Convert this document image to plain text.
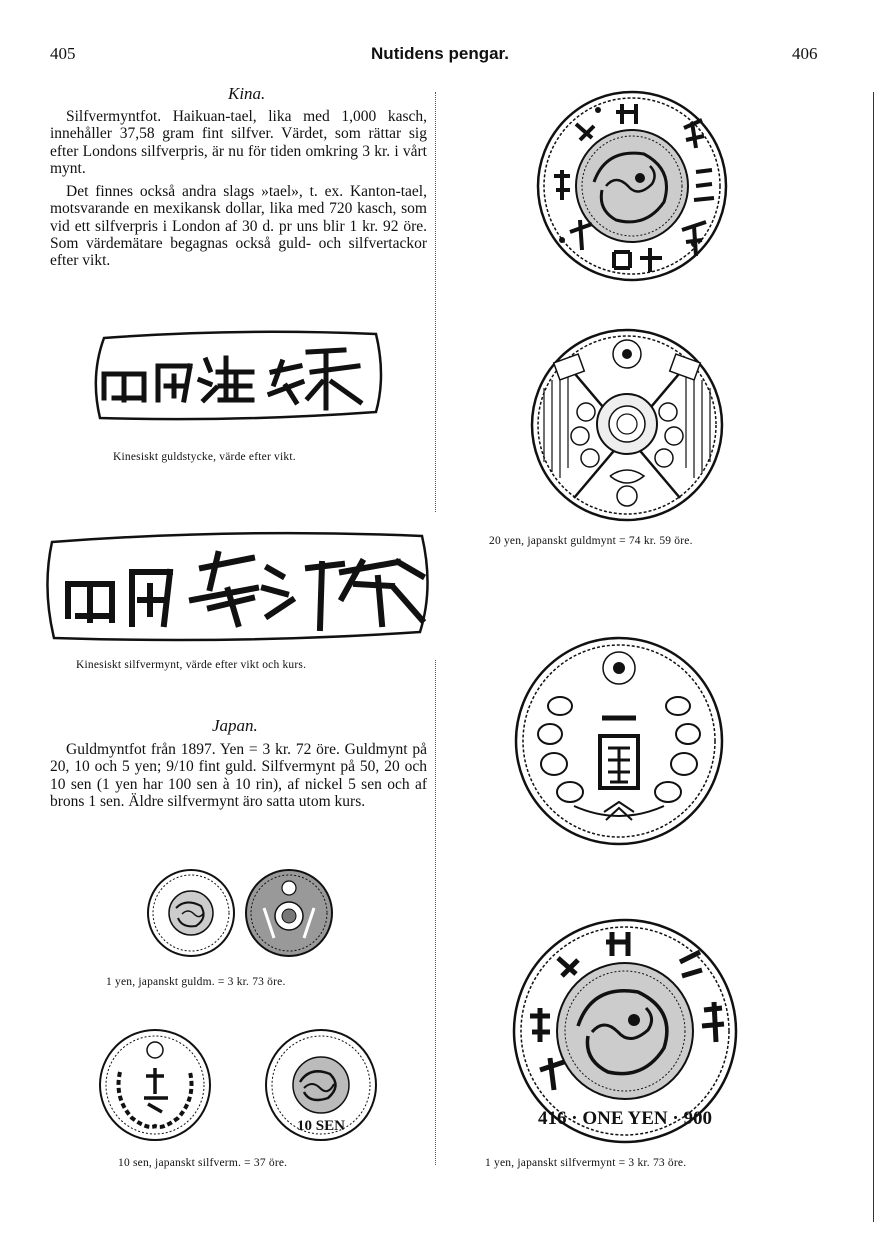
405	Nutidens pengar.	406
Kina.
Silfvermyntfot. Haikuan-tael, lika med 1,000 kasch, innehåller 37,58 gram fint silfver. Värdet, som rättar sig efter Londons silfverpris, är nu för tiden omkring 3 kr. i vårt mynt.
Det finnes också andra slags »tael», t. ex. Kanton-tael, motsvarande en mexikansk dollar, lika med 720 kasch, som vid ett silfverpris i London af 30 d. pr uns blir 1 kr. 92 öre. Som värdemätare begagnas också guld- och silfvertackor efter vikt.
Kinesiskt guldstycke, värde efter vikt.
Kinesiskt silfvermynt, värde efter vikt och kurs.
Japan.
Guldmyntfot från 1897. Yen = 3 kr. 72 öre. Guldmynt på 20, 10 och 5 yen; 9/10 fint guld. Silfvermynt på 50, 20 och 10 sen (1 yen har 100 sen à 10 rin), af nickel 5 sen och af brons 1 sen. Äldre silfvermynt äro satta utom kurs.
1 yen, japanskt guldm. = 3 kr. 73 öre.
10 SEN
10 sen, japanskt silfverm. = 37 öre.
20 yen, japanskt guldmynt = 74 kr. 59 öre.
416 · ONE YEN · 900
1 yen, japanskt silfvermynt = 3 kr. 73 öre.
